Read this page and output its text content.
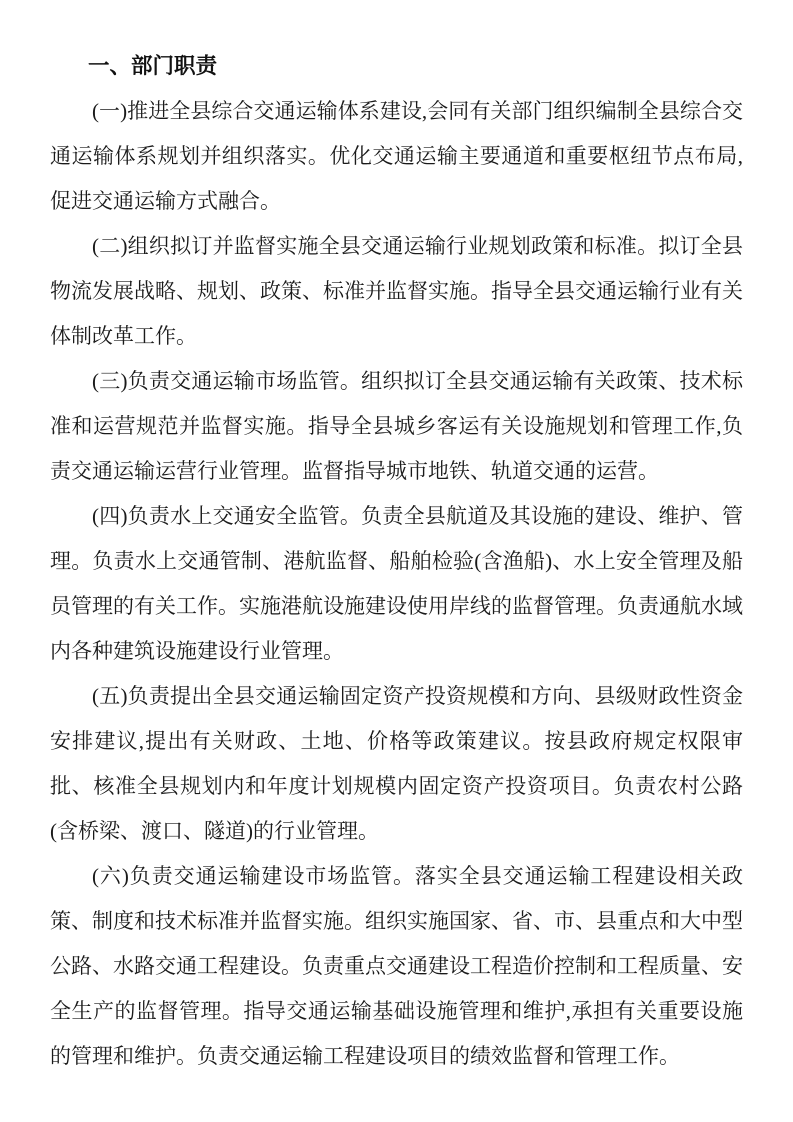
一、部门职责

(一)推进全县综合交通运输体系建设,会同有关部门组织编制全县综合交通运输体系规划并组织落实。优化交通运输主要通道和重要枢纽节点布局,促进交通运输方式融合。

(二)组织拟订并监督实施全县交通运输行业规划政策和标准。拟订全县物流发展战略、规划、政策、标准并监督实施。指导全县交通运输行业有关体制改革工作。

(三)负责交通运输市场监管。组织拟订全县交通运输有关政策、技术标准和运营规范并监督实施。指导全县城乡客运有关设施规划和管理工作,负责交通运输运营行业管理。监督指导城市地铁、轨道交通的运营。

(四)负责水上交通安全监管。负责全县航道及其设施的建设、维护、管理。负责水上交通管制、港航监督、船舶检验(含渔船)、水上安全管理及船员管理的有关工作。实施港航设施建设使用岸线的监督管理。负责通航水域内各种建筑设施建设行业管理。

(五)负责提出全县交通运输固定资产投资规模和方向、县级财政性资金安排建议,提出有关财政、土地、价格等政策建议。按县政府规定权限审批、核准全县规划内和年度计划规模内固定资产投资项目。负责农村公路(含桥梁、渡口、隧道)的行业管理。

(六)负责交通运输建设市场监管。落实全县交通运输工程建设相关政策、制度和技术标准并监督实施。组织实施国家、省、市、县重点和大中型公路、水路交通工程建设。负责重点交通建设工程造价控制和工程质量、安全生产的监督管理。指导交通运输基础设施管理和维护,承担有关重要设施的管理和维护。负责交通运输工程建设项目的绩效监督和管理工作。
